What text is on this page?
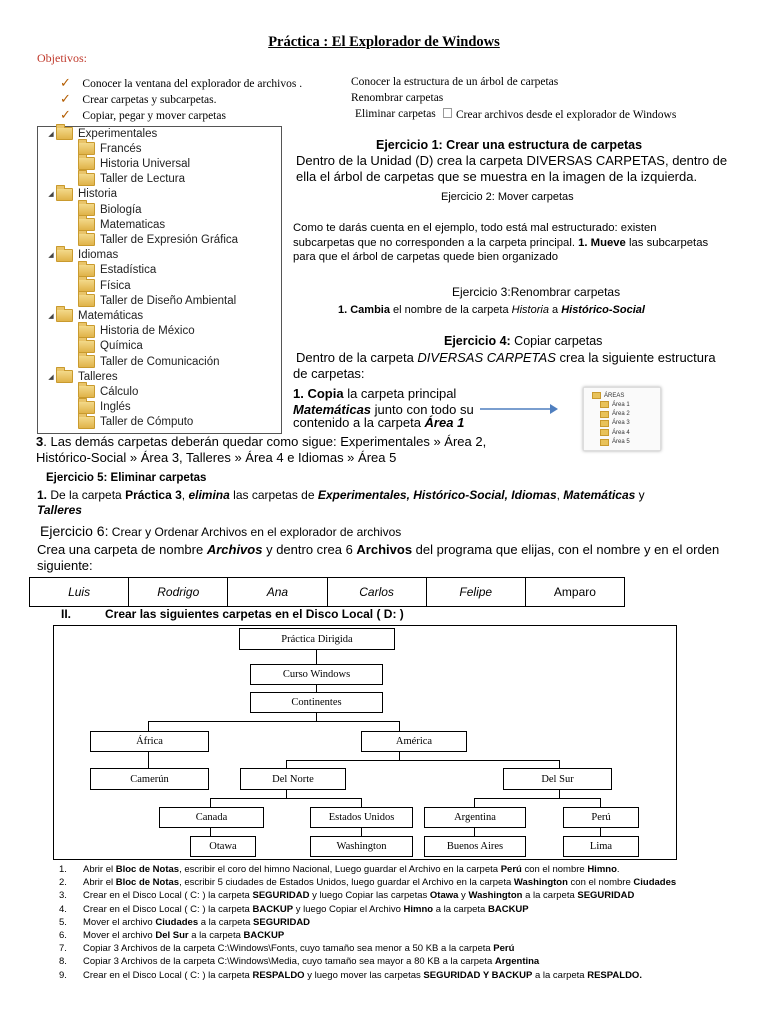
Práctica : El Explorador de Windows
Objetivos:
✓ Conocer la ventana del explorador de archivos .
✓ Crear carpetas y subcarpetas.
✓ Copiar, pegar y mover carpetas
Conocer la estructura de un árbol de carpetas
Renombrar carpetas
Eliminar carpetas	Crear archivos desde el explorador de Windows
◢ Experimentales
Francés
Historia Universal
Taller de Lectura
◢ Historia
Biología
Matematicas
Taller de Expresión Gráfica
◢ Idiomas
Estadística
Física
Taller de Diseño Ambiental
◢ Matemáticas
Historia de México
Química
Taller de Comunicación
◢ Talleres
Cálculo
Inglés
Taller de Cómputo
Ejercicio 1: Crear una estructura de carpetas
Dentro de la Unidad (D) crea la carpeta DIVERSAS CARPETAS, dentro de
ella el árbol de carpetas que se muestra en la imagen de la izquierda.
Ejercicio 2: Mover carpetas
Como te darás cuenta en el ejemplo, todo está mal estructurado: existen
subcarpetas que no corresponden a la carpeta principal. 1. Mueve las subcarpetas
para que el árbol de carpetas quede bien organizado
Ejercicio 3:Renombrar carpetas
1. Cambia el nombre de la carpeta Historia a Histórico-Social
Ejercicio 4: Copiar carpetas
Dentro de la carpeta DIVERSAS CARPETAS crea la siguiente estructura
de carpetas:
1. Copia la carpeta principal
Matemáticas junto con todo su
contenido a la carpeta Área 1
ÁREAS
Área 1
Área 2
Área 3
Área 4
Área 5
3. Las demás carpetas deberán quedar como sigue: Experimentales » Área 2,
Histórico-Social » Área 3, Talleres » Área 4 e Idiomas » Área 5
Ejercicio 5: Eliminar carpetas
1. De la carpeta Práctica 3, elimina las carpetas de Experimentales, Histórico-Social, Idiomas, Matemáticas y
Talleres
Ejercicio 6: Crear y Ordenar Archivos en el explorador de archivos
Crea una carpeta de nombre Archivos y dentro crea 6 Archivos del programa que elijas, con el nombre y en el orden
siguiente:
Luis	Rodrigo	Ana	Carlos	Felipe	Amparo
II.	Crear las siguientes carpetas en el Disco Local ( D: )
Práctica Dirigida
Curso Windows
Continentes
África	América
Camerún	Del Norte	Del Sur
Canada	Estados Unidos	Argentina	Perú
Otawa	Washington	Buenos Aires	Lima
1. Abrir el Bloc de Notas, escribir el coro del himno Nacional, Luego guardar el Archivo en la carpeta Perú con el nombre Himno.
2. Abrir el Bloc de Notas, escribir 5 ciudades de Estados Unidos, luego guardar el Archivo en la carpeta Washington con el nombre Ciudades
3. Crear en el Disco Local ( C: ) la carpeta SEGURIDAD y luego Copiar las carpetas Otawa y Washington a la carpeta SEGURIDAD
4. Crear en el Disco Local ( C: ) la carpeta BACKUP y luego Copiar el Archivo Himno a la carpeta BACKUP
5. Mover el archivo Ciudades a la carpeta SEGURIDAD
6. Mover el archivo Del Sur a la carpeta BACKUP
7. Copiar 3 Archivos de la carpeta C:\Windows\Fonts, cuyo tamaño sea menor a 50 KB a la carpeta Perú
8. Copiar 3 Archivos de la carpeta C:\Windows\Media, cuyo tamaño sea mayor a 80 KB a la carpeta Argentina
9. Crear en el Disco Local ( C: ) la carpeta RESPALDO y luego mover las carpetas SEGURIDAD Y BACKUP a la carpeta RESPALDO.
